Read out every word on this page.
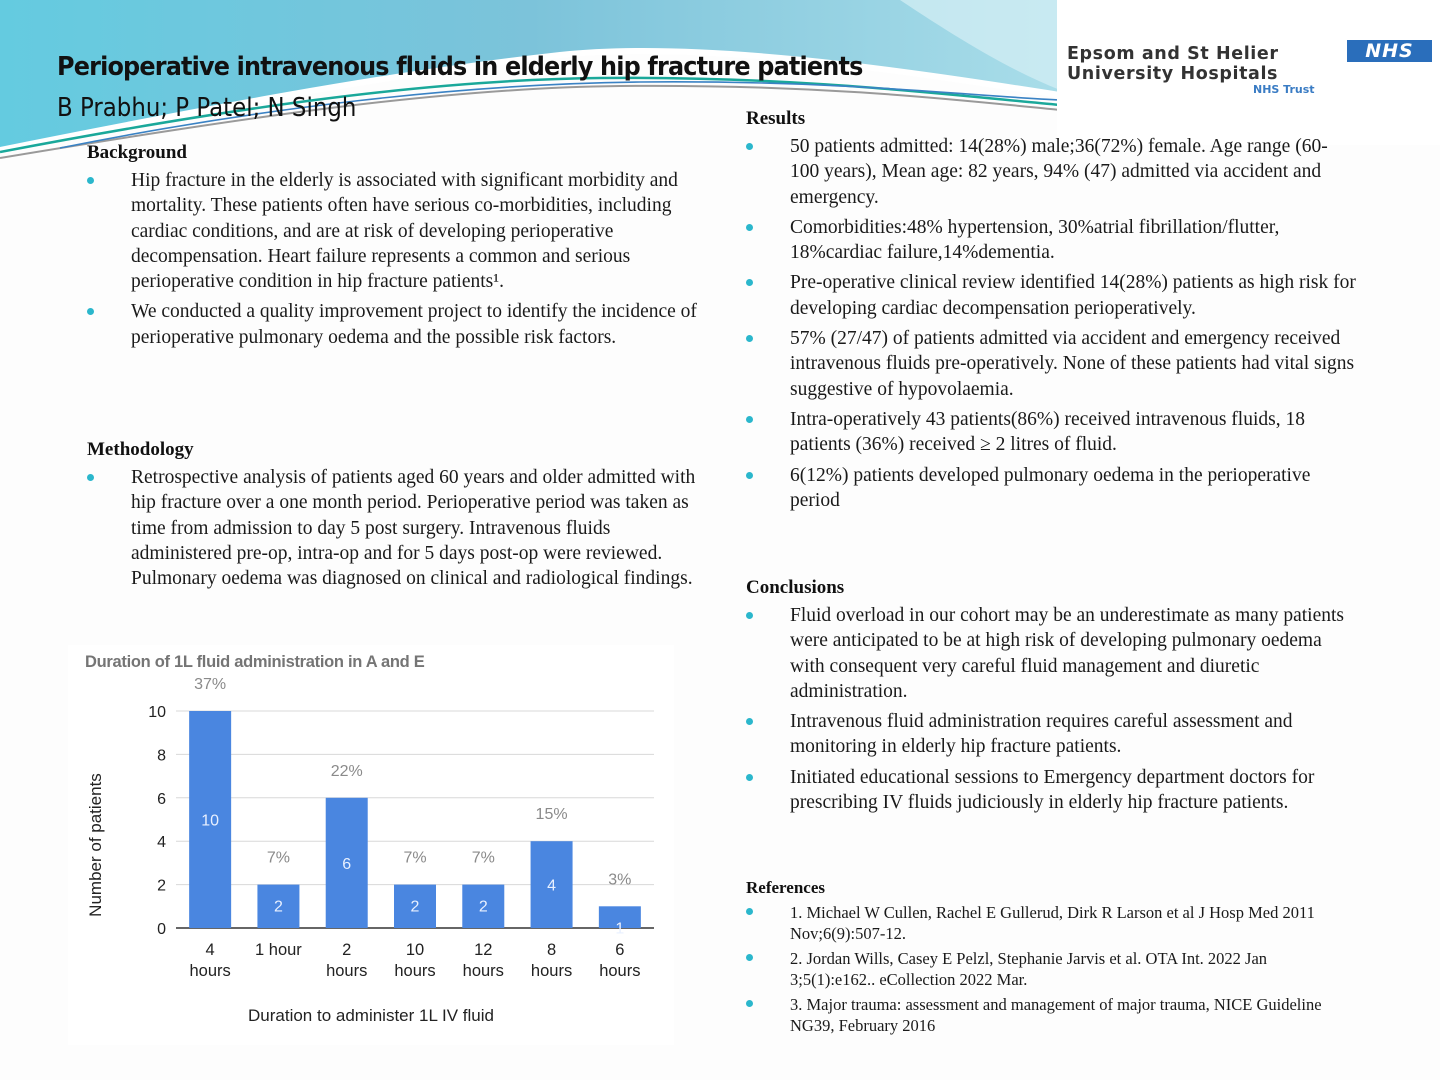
Perioperative intravenous fluids in elderly hip fracture patients
B Prabhu; P Patel; N Singh
Epsom and St Helier
University Hospitals
NHS Trust
NHS
Background
Hip fracture in the elderly is associated with significant morbidity and mortality. These patients often have serious co-morbidities, including cardiac conditions, and are at risk of developing perioperative decompensation. Heart failure represents a common and serious perioperative condition in hip fracture patients¹.
We conducted a quality improvement project to identify the incidence of perioperative pulmonary oedema and the possible risk factors.
Methodology
Retrospective analysis of patients aged 60 years and older admitted with hip fracture over a one month period. Perioperative period was taken as time from admission to day 5 post surgery. Intravenous fluids administered pre-op, intra-op and for 5 days post-op were reviewed. Pulmonary oedema was diagnosed on clinical and radiological findings.
Duration of 1L fluid administration in A and E
0
2
4
6
8
10
10
37%
4
hours
2
7%
1 hour
6
22%
2
hours
2
7%
10
hours
2
7%
12
hours
4
15%
8
hours
1
3%
6
hours
Number of patients
Duration to administer 1L IV fluid
Results
50 patients admitted: 14(28%) male;36(72%) female. Age range (60-100 years), Mean age: 82 years, 94% (47) admitted via accident and emergency.
Comorbidities:48% hypertension, 30%atrial fibrillation/flutter, 18%cardiac failure,14%dementia.
Pre-operative clinical review identified 14(28%) patients as high risk for developing cardiac decompensation perioperatively.
57% (27/47) of patients admitted via accident and emergency received intravenous fluids pre-operatively. None of these patients had vital signs suggestive of hypovolaemia.
Intra-operatively 43 patients(86%) received intravenous fluids, 18 patients (36%) received ≥ 2 litres of fluid.
6(12%) patients developed pulmonary oedema in the perioperative period
Conclusions
Fluid overload in our cohort may be an underestimate as many patients were anticipated to be at high risk of developing pulmonary oedema with consequent very careful fluid management and diuretic administration.
Intravenous fluid administration requires careful assessment and monitoring in elderly hip fracture patients.
Initiated educational sessions to Emergency department doctors for prescribing IV fluids judiciously in elderly hip fracture patients.
References
1. Michael W Cullen, Rachel E Gullerud, Dirk R Larson et al J Hosp Med 2011 Nov;6(9):507-12.
2. Jordan Wills, Casey E Pelzl, Stephanie Jarvis et al. OTA Int. 2022 Jan 3;5(1):e162.. eCollection 2022 Mar.
3. Major trauma: assessment and management of major trauma, NICE Guideline NG39, February 2016
